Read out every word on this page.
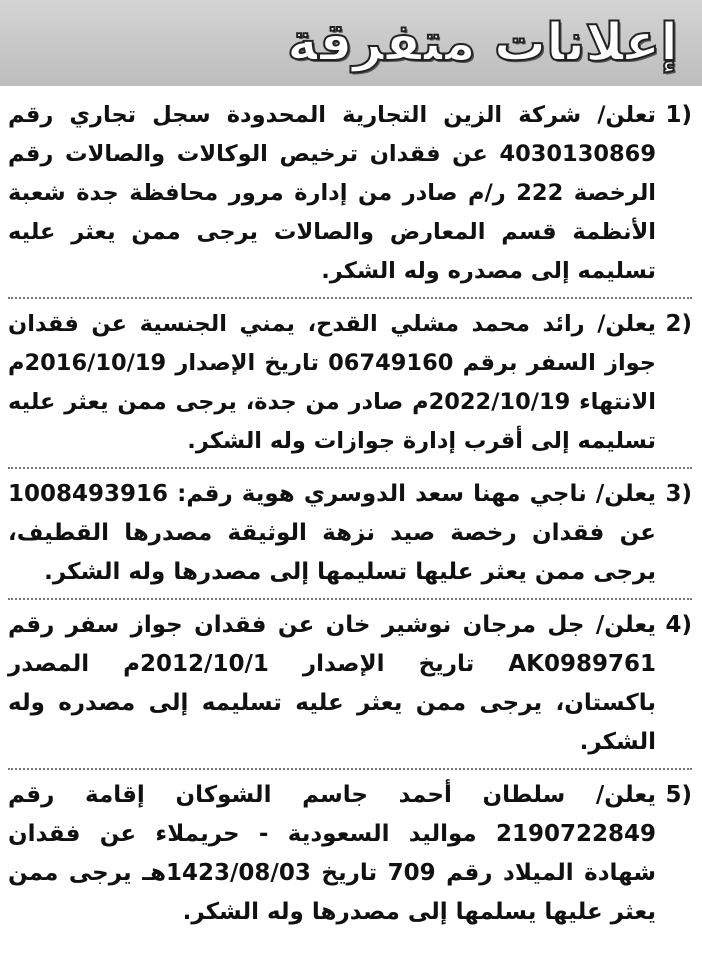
إعلانات متفرقة
1)

تعلن/ شركة الزين التجارية المحدودة سجل تجاري رقم 4030130869 عن فقدان ترخيص الوكالات والصالات رقم الرخصة 222 ر/م صادر من إدارة مرور محافظة جدة شعبة الأنظمة قسم المعارض والصالات يرجى ممن يعثر عليه تسليمه إلى مصدره وله الشكر.

2)

يعلن/ رائد محمد مشلي القدح، يمني الجنسية عن فقدان جواز السفر برقم 06749160 تاريخ الإصدار 2016/10/19م الانتهاء 2022/10/19م صادر من جدة، يرجى ممن يعثر عليه تسليمه إلى أقرب إدارة جوازات وله الشكر.

3)

يعلن/ ناجي مهنا سعد الدوسري هوية رقم: 1008493916 عن فقدان رخصة صيد نزهة الوثيقة مصدرها القطيف، يرجى ممن يعثر عليها تسليمها إلى مصدرها وله الشكر.

4)

يعلن/ جل مرجان نوشير خان عن فقدان جواز سفر رقم AK0989761 تاريخ الإصدار 2012/10/1م المصدر باكستان، يرجى ممن يعثر عليه تسليمه إلى مصدره وله الشكر.

5)

يعلن/ سلطان أحمد جاسم الشوكان إقامة رقم 2190722849 مواليد السعودية - حريملاء عن فقدان شهادة الميلاد رقم 709 تاريخ 1423/08/03هـ يرجى ممن يعثر عليها يسلمها إلى مصدرها وله الشكر.
